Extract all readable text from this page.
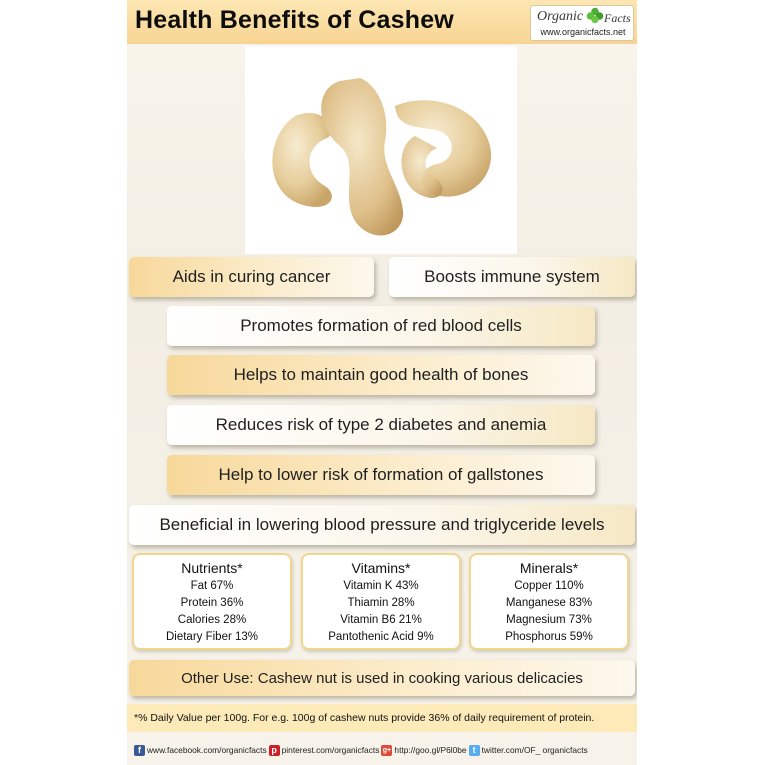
Health Benefits of Cashew	Organic Facts
www.organicfacts.net
Aids in curing cancer	Boosts immune system
Promotes formation of red blood cells
Helps to maintain good health of bones
Reduces risk of type 2 diabetes and anemia
Help to lower risk of formation of gallstones
Beneficial in lowering blood pressure and triglyceride levels
Nutrients*
Fat 67%
Protein 36%
Calories 28%
Dietary Fiber 13%
Vitamins*
Vitamin K 43%
Thiamin 28%
Vitamin B6 21%
Pantothenic Acid 9%
Minerals*
Copper 110%
Manganese 83%
Magnesium 73%
Phosphorus 59%
Other Use: Cashew nut is used in cooking various delicacies
*% Daily Value per 100g. For e.g. 100g of cashew nuts provide 36% of daily requirement of protein.
f www.facebook.com/organicfacts p pinterest.com/organicfacts g+ http://goo.gl/P6l0be t twitter.com/OF_ organicfacts
